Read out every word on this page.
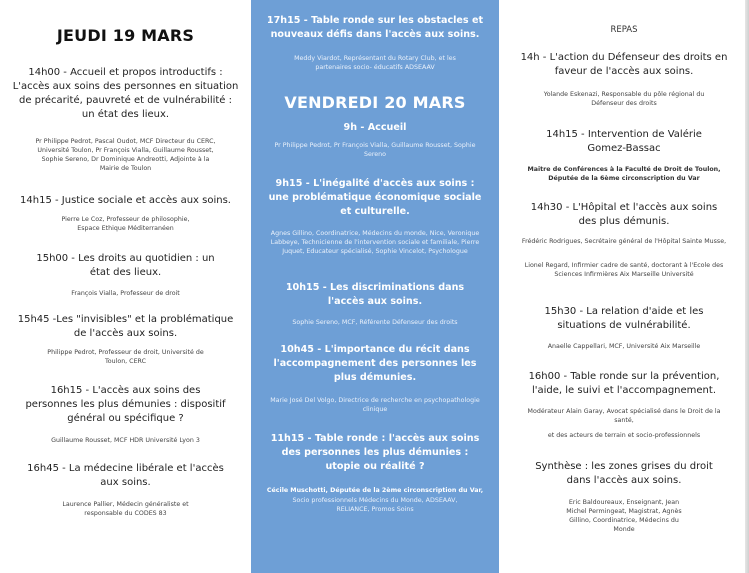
JEUDI 19 MARS
14h00 - Accueil et propos introductifs : L'accès aux soins des personnes en situation de précarité, pauvreté et de vulnérabilité : un état des lieux.
Pr Philippe Pedrot, Pascal Oudot, MCF Directeur du CERC, Université Toulon, Pr François Vialla, Guillaume Rousset, Sophie Sereno, Dr Dominique Andreotti, Adjointe à la Mairie de Toulon
14h15 - Justice sociale et accès aux soins.
Pierre Le Coz, Professeur de philosophie, Espace Ethique Méditerranéen
15h00 - Les droits au quotidien : un état des lieux.
François Vialla, Professeur de droit
15h45 -Les "invisibles" et la problématique de l'accès aux soins.
Philippe Pedrot, Professeur de droit, Université de Toulon, CERC
16h15 - L'accès aux soins des personnes les plus démunies : dispositif général ou spécifique ?
Guillaume Rousset, MCF HDR Université Lyon 3
16h45 - La médecine libérale et l'accès aux soins.
Laurence Pallier, Médecin généraliste et responsable du CODES 83
17h15 - Table ronde sur les obstacles et nouveaux défis dans l'accès aux soins.
Meddy Viardot, Représentant du Rotary Club, et les partenaires socio- éducatifs ADSEAAV
VENDREDI 20 MARS
9h - Accueil
Pr Philippe Pedrot, Pr François Vialla, Guillaume Rousset, Sophie Sereno
9h15 - L'inégalité d'accès aux soins : une problématique économique sociale et culturelle.
Agnes Gillino, Coordinatrice, Médecins du monde, Nice, Veronique Labbeye, Technicienne de l'intervention sociale et familiale, Pierre Juquet, Educateur spécialisé, Sophie Vincelot, Psychologue
10h15 - Les discriminations dans l'accès aux soins.
Sophie Sereno, MCF, Référente Défenseur des droits
10h45 - L'importance du récit dans l'accompagnement des personnes les plus démunies.
Marie José Del Volgo, Directrice de recherche en psychopathologie clinique
11h15 - Table ronde : l'accès aux soins des personnes les plus démunies : utopie ou réalité ?
Cécile Muschotti, Députée de la 2ème circonscription du Var,
Socio professionnels Médecins du Monde, ADSEAAV, RELIANCE, Promos Soins
REPAS
14h - L'action du Défenseur des droits en faveur de l'accès aux soins.
Yolande Eskenazi, Responsable du pôle régional du Défenseur des droits
14h15 - Intervention de Valérie Gomez-Bassac
Maitre de Conférences à la Faculté de Droit de Toulon, Députée de la 6ème circonscription du Var
14h30 - L'Hôpital et l'accès aux soins des plus démunis.
Frédéric Rodrigues, Secrétaire général de l'Hôpital Sainte Musse,
Lionel Regard, Infirmier cadre de santé, doctorant à l'Ecole des Sciences Infirmières Aix Marseille Université
15h30 - La relation d'aide et les situations de vulnérabilité.
Anaelle Cappellari, MCF, Université Aix Marseille
16h00 - Table ronde sur la prévention, l'aide, le suivi et l'accompagnement.
Modérateur Alain Garay, Avocat spécialisé dans le Droit de la santé,
et des acteurs de terrain et socio-professionnels
Synthèse : les zones grises du droit dans l'accès aux soins.
Eric Baldoureaux, Enseignant, Jean Michel Permingeat, Magistrat, Agnès Gillino, Coordinatrice, Médecins du Monde
